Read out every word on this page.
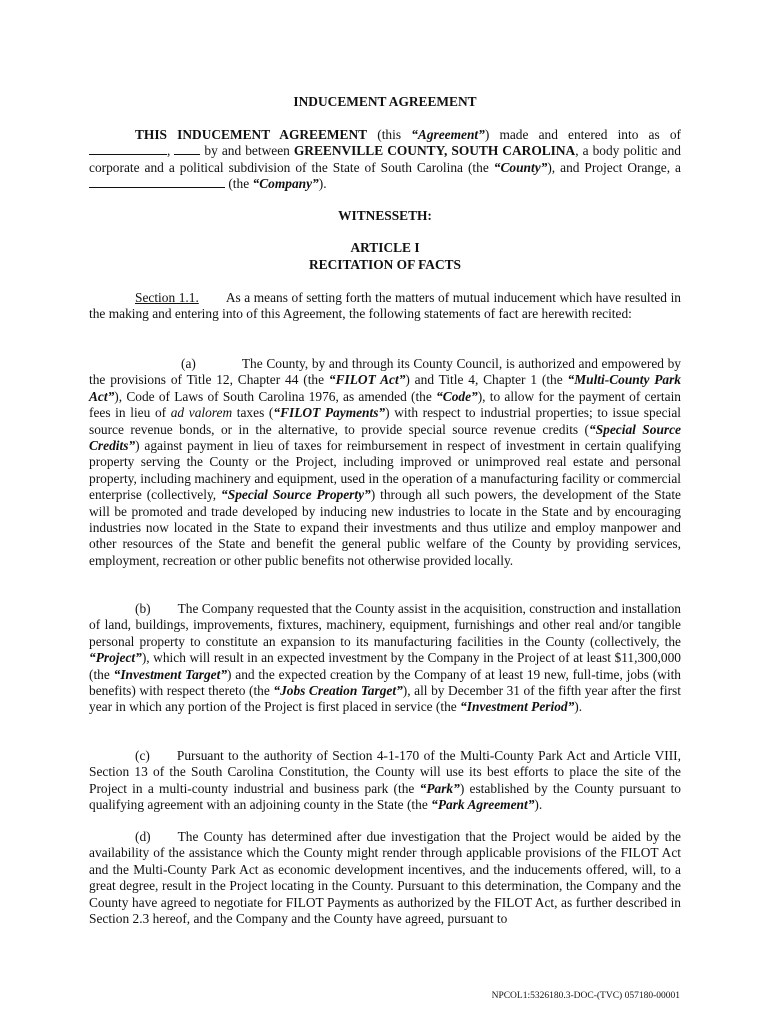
INDUCEMENT AGREEMENT

THIS INDUCEMENT AGREEMENT (this “Agreement”) made and entered into as of ,  by and between GREENVILLE COUNTY, SOUTH CAROLINA, a body politic and corporate and a political subdivision of the State of South Carolina (the “County”), and Project Orange, a  (the “Company”).

WITNESSETH:

ARTICLE I

RECITATION OF FACTS

Section 1.1. As a means of setting forth the matters of mutual inducement which have resulted in the making and entering into of this Agreement, the following statements of fact are herewith recited:

(a)	The County, by and through its County Council, is authorized and empowered by the provisions of Title 12, Chapter 44 (the “FILOT Act”) and Title 4, Chapter 1 (the “Multi-County Park Act”), Code of Laws of South Carolina 1976, as amended (the “Code”), to allow for the payment of certain fees in lieu of ad valorem taxes (“FILOT Payments”) with respect to industrial properties; to issue special source revenue bonds, or in the alternative, to provide special source revenue credits (“Special Source Credits”) against payment in lieu of taxes for reimbursement in respect of investment in certain qualifying property serving the County or the Project, including improved or unimproved real estate and personal property, including machinery and equipment, used in the operation of a manufacturing facility or commercial enterprise (collectively, “Special Source Property”) through all such powers, the development of the State will be promoted and trade developed by inducing new industries to locate in the State and by encouraging industries now located in the State to expand their investments and thus utilize and employ manpower and other resources of the State and benefit the general public welfare of the County by providing services, employment, recreation or other public benefits not otherwise provided locally.

(b) The Company requested that the County assist in the acquisition, construction and installation of land, buildings, improvements, fixtures, machinery, equipment, furnishings and other real and/or tangible personal property to constitute an expansion to its manufacturing facilities in the County (collectively, the “Project”), which will result in an expected investment by the Company in the Project of at least $11,300,000 (the “Investment Target”) and the expected creation by the Company of at least 19 new, full-time, jobs (with benefits) with respect thereto (the “Jobs Creation Target”), all by December 31 of the fifth year after the first year in which any portion of the Project is first placed in service (the “Investment Period”).

(c) Pursuant to the authority of Section 4-1-170 of the Multi-County Park Act and Article VIII, Section 13 of the South Carolina Constitution, the County will use its best efforts to place the site of the Project in a multi-county industrial and business park (the “Park”) established by the County pursuant to qualifying agreement with an adjoining county in the State (the “Park Agreement”).

(d) The County has determined after due investigation that the Project would be aided by the availability of the assistance which the County might render through applicable provisions of the FILOT Act and the Multi-County Park Act as economic development incentives, and the inducements offered, will, to a great degree, result in the Project locating in the County. Pursuant to this determination, the Company and the County have agreed to negotiate for FILOT Payments as authorized by the FILOT Act, as further described in Section 2.3 hereof, and the Company and the County have agreed, pursuant to

NPCOL1:5326180.3-DOC-(TVC) 057180-00001
